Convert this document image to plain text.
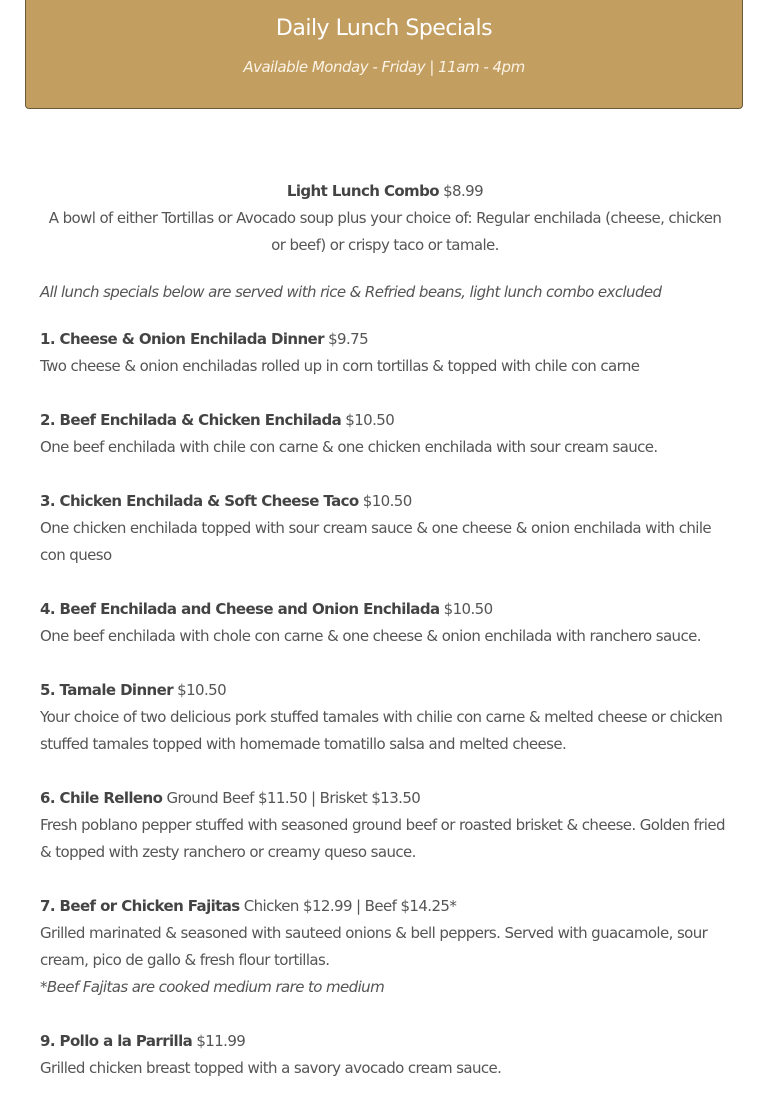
Daily Lunch Specials
Available Monday - Friday | 11am - 4pm
Light Lunch Combo $8.99
A bowl of either Tortillas or Avocado soup plus your choice of: Regular enchilada (cheese, chicken or beef) or crispy taco or tamale.
All lunch specials below are served with rice & Refried beans, light lunch combo excluded
1. Cheese & Onion Enchilada Dinner $9.75
Two cheese & onion enchiladas rolled up in corn tortillas & topped with chile con carne
2. Beef Enchilada & Chicken Enchilada $10.50
One beef enchilada with chile con carne & one chicken enchilada with sour cream sauce.
3. Chicken Enchilada & Soft Cheese Taco $10.50
One chicken enchilada topped with sour cream sauce & one cheese & onion enchilada with chile con queso
4. Beef Enchilada and Cheese and Onion Enchilada $10.50
One beef enchilada with chole con carne & one cheese & onion enchilada with ranchero sauce.
5. Tamale Dinner $10.50
Your choice of two delicious pork stuffed tamales with chilie con carne & melted cheese or chicken stuffed tamales topped with homemade tomatillo salsa and melted cheese.
6. Chile Relleno Ground Beef $11.50 | Brisket $13.50
Fresh poblano pepper stuffed with seasoned ground beef or roasted brisket & cheese. Golden fried & topped with zesty ranchero or creamy queso sauce.
7. Beef or Chicken Fajitas Chicken $12.99 | Beef $14.25*
Grilled marinated & seasoned with sauteed onions & bell peppers. Served with guacamole, sour cream, pico de gallo & fresh flour tortillas.
*Beef Fajitas are cooked medium rare to medium
9. Pollo a la Parrilla $11.99
Grilled chicken breast topped with a savory avocado cream sauce.
